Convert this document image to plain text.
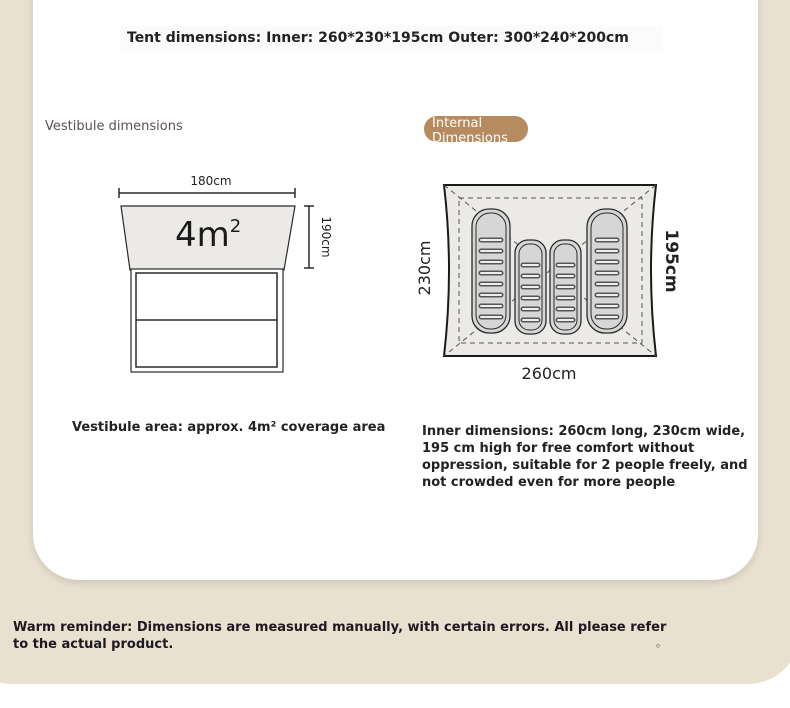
Tent dimensions: Inner: 260*230*195cm Outer: 300*240*200cm
Vestibule dimensions	Internal Dimensions
180cm
$4m^2$	190cm
230cm
260cm
195cm
Vestibule area: approx. 4m² coverage area	Inner dimensions: 260cm long, 230cm wide, 195 cm high for free comfort without oppression, suitable for 2 people freely, and not crowded even for more people
Warm reminder: Dimensions are measured manually, with certain errors. All please refer to the actual product.	。
